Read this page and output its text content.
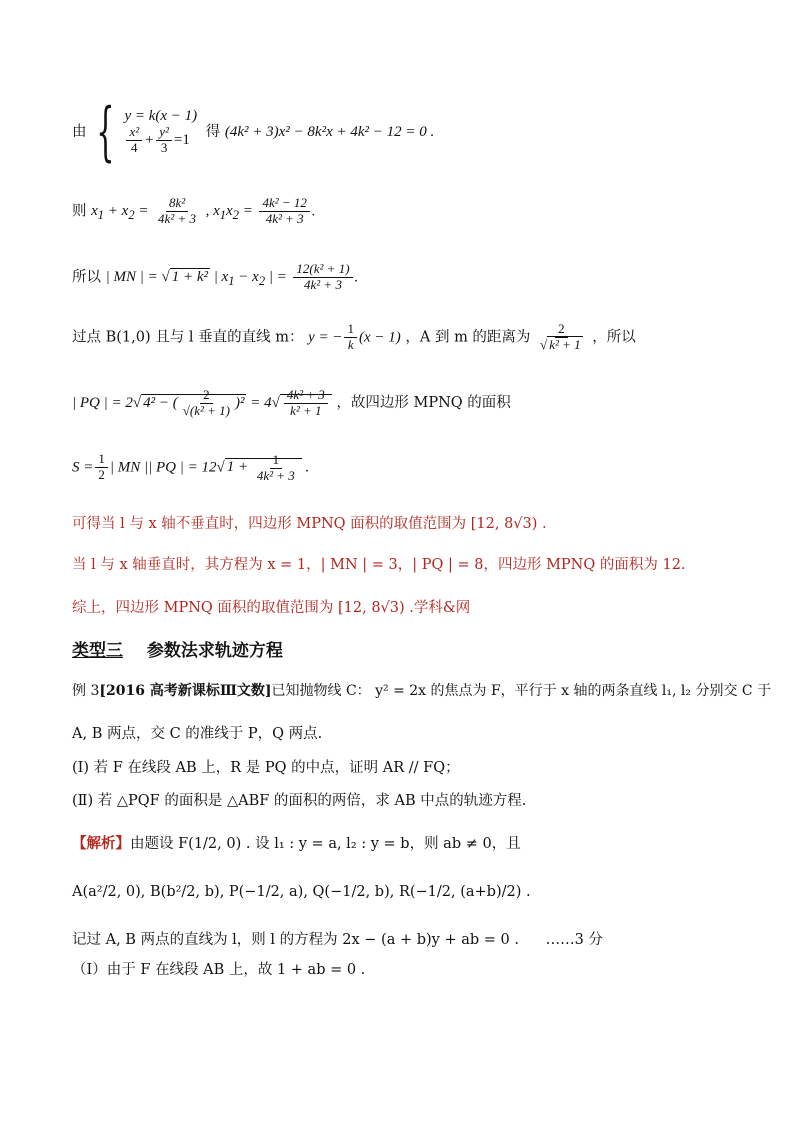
由 { y = k(x − 1)
$\frac{\text{x²}}{4} + \frac{\text{y²}}{3} =1$	得 (4k² + 3)x² − 8k²x + 4k² − 12 = 0 .
则 $x_1 + x_2 = \frac{\text{8k²}}{\text{4k² + 3}}$ , $x_1x_2 = \frac{\text{4k² − 12}}{\text{4k² + 3}}$ .
所以 | MN | = √ 1 + k² | $x_1 - x_2$ | = $\frac{\text{12(k² + 1)}}{\text{4k² + 3}}$ .
过点 B(1,0) 且与 l 垂直的直线 m： y = − $\frac{1}{k} (x - 1)$ ，A 到 m 的距离为 $\frac{2}{\text{√ k² + 1}}$ ，所以
| PQ | = 2√ 4² − ( $\frac{2}{\text{√(k² + 1)}} )^2 = 4√ \frac{\text{4k² + 3}}{\text{k² + 1}}$ ，故四边形 MPNQ 的面积
$S = \frac{1}{2}$ | MN || PQ | = 12√ $1 + \frac{1}{\text{4k² + 3}}$ .
可得当 l 与 x 轴不垂直时，四边形 MPNQ 面积的取值范围为 [12, 8√3) .
当 l 与 x 轴垂直时，其方程为 x = 1，| MN | = 3，| PQ | = 8，四边形 MPNQ 的面积为 12.
综上，四边形 MPNQ 面积的取值范围为 [12, 8√3) .学科&网
类型三 参数法求轨迹方程
例 3[2016 高考新课标Ⅲ文数]已知抛物线 C： y² = 2x 的焦点为 F，平行于 x 轴的两条直线 l₁, l₂ 分别交 C 于
A, B 两点，交 C 的准线于 P，Q 两点.
(Ⅰ) 若 F 在线段 AB 上，R 是 PQ 的中点，证明 AR // FQ；
(Ⅱ) 若 △PQF 的面积是 △ABF 的面积的两倍，求 AB 中点的轨迹方程.
【解析】由题设 F(1/2, 0) . 设 l₁ : y = a, l₂ : y = b，则 ab ≠ 0，且
A(a²/2, 0), B(b²/2, b), P(−1/2, a), Q(−1/2, b), R(−1/2, (a+b)/2) .
记过 A, B 两点的直线为 l，则 l 的方程为 2x − (a + b)y + ab = 0 . ……3 分
（Ⅰ）由于 F 在线段 AB 上，故 1 + ab = 0 .
